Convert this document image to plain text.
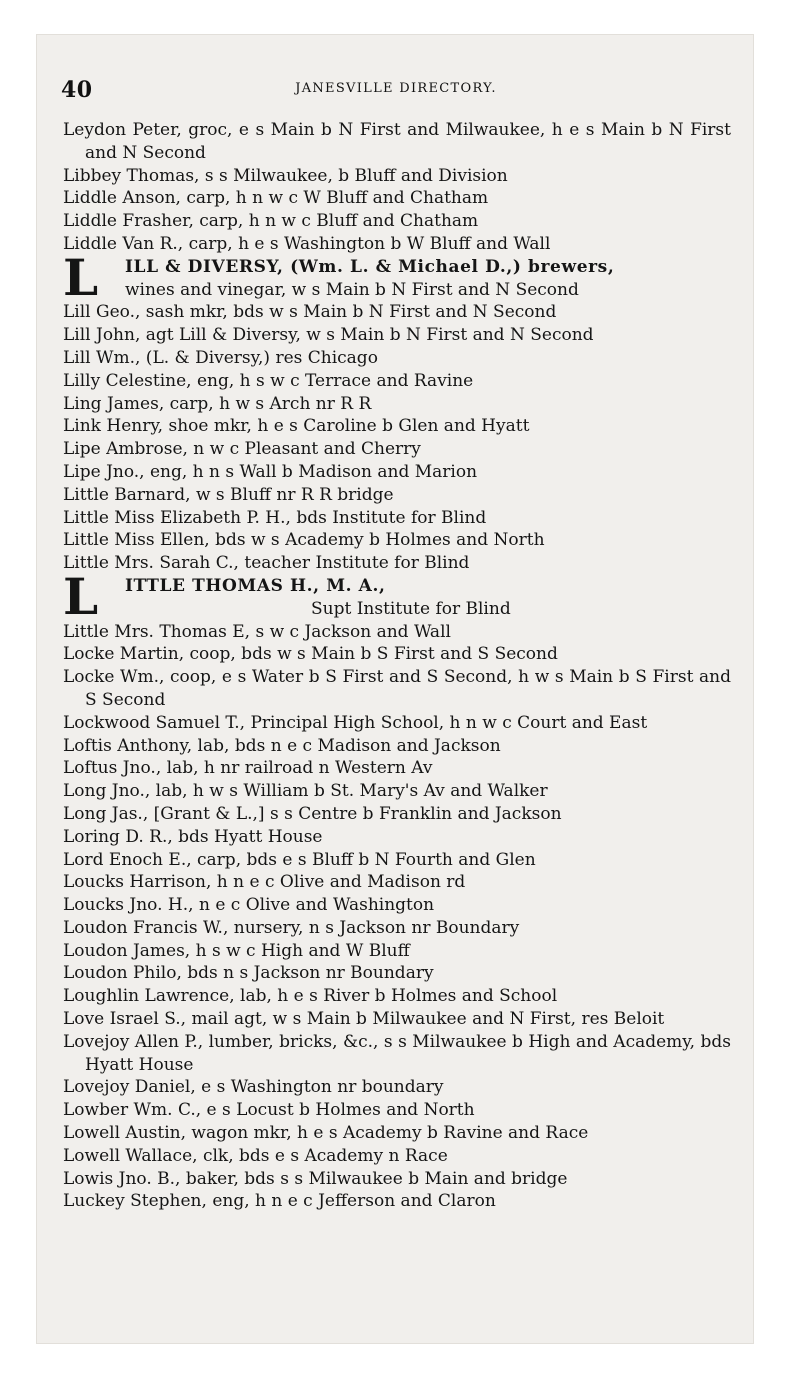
40	JANESVILLE DIRECTORY.

Leydon Peter, groc, e s Main b N First and Milwaukee, h e s Main b N First and N Second

Libbey Thomas, s s Milwaukee, b Bluff and Division

Liddle Anson, carp, h n w c W Bluff and Chatham

Liddle Frasher, carp, h n w c Bluff and Chatham

Liddle Van R., carp, h e s Washington b W Bluff and Wall

L ILL & DIVERSY, (Wm. L. & Michael D.,) brewers,
wines and vinegar, w s Main b N First and N Second

Lill Geo., sash mkr, bds w s Main b N First and N Second

Lill John, agt Lill & Diversy, w s Main b N First and N Second

Lill Wm., (L. & Diversy,) res Chicago

Lilly Celestine, eng, h s w c Terrace and Ravine

Ling James, carp, h w s Arch nr R R

Link Henry, shoe mkr, h e s Caroline b Glen and Hyatt

Lipe Ambrose, n w c Pleasant and Cherry

Lipe Jno., eng, h n s Wall b Madison and Marion

Little Barnard, w s Bluff nr R R bridge

Little Miss Elizabeth P. H., bds Institute for Blind

Little Miss Ellen, bds w s Academy b Holmes and North

Little Mrs. Sarah C., teacher Institute for Blind

L ITTLE THOMAS H., M. A.,
Supt Institute for Blind

Little Mrs. Thomas E, s w c Jackson and Wall

Locke Martin, coop, bds w s Main b S First and S Second

Locke Wm., coop, e s Water b S First and S Second, h w s Main b S First and S Second

Lockwood Samuel T., Principal High School, h n w c Court and East

Loftis Anthony, lab, bds n e c Madison and Jackson

Loftus Jno., lab, h nr railroad n Western Av

Long Jno., lab, h w s William b St. Mary's Av and Walker

Long Jas., [Grant & L.,] s s Centre b Franklin and Jackson

Loring D. R., bds Hyatt House

Lord Enoch E., carp, bds e s Bluff b N Fourth and Glen

Loucks Harrison, h n e c Olive and Madison rd

Loucks Jno. H., n e c Olive and Washington

Loudon Francis W., nursery, n s Jackson nr Boundary

Loudon James, h s w c High and W Bluff

Loudon Philo, bds n s Jackson nr Boundary

Loughlin Lawrence, lab, h e s River b Holmes and School

Love Israel S., mail agt, w s Main b Milwaukee and N First, res Beloit

Lovejoy Allen P., lumber, bricks, &c., s s Milwaukee b High and Academy, bds Hyatt House

Lovejoy Daniel, e s Washington nr boundary

Lowber Wm. C., e s Locust b Holmes and North

Lowell Austin, wagon mkr, h e s Academy b Ravine and Race

Lowell Wallace, clk, bds e s Academy n Race

Lowis Jno. B., baker, bds s s Milwaukee b Main and bridge

Luckey Stephen, eng, h n e c Jefferson and Claron
